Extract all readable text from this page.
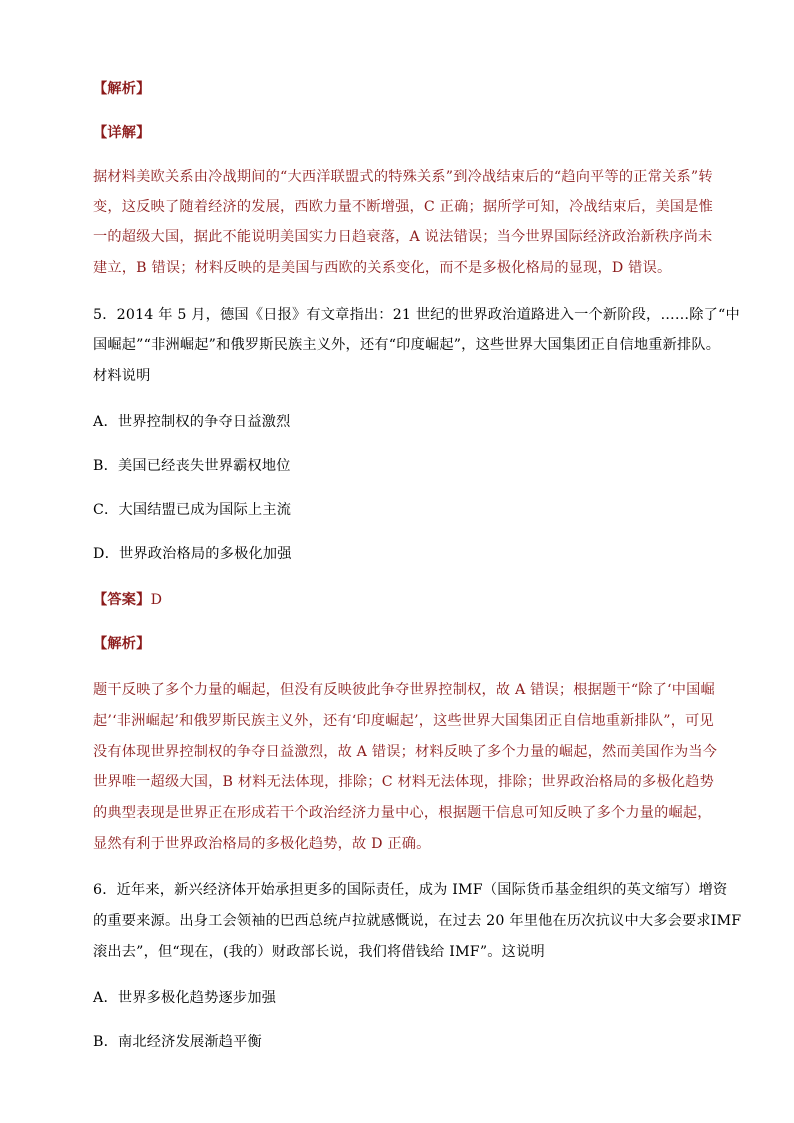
【解析】
【详解】
据材料美欧关系由冷战期间的“大西洋联盟式的特殊关系”到冷战结束后的“趋向平等的正常关系”转
变，这反映了随着经济的发展，西欧力量不断增强，C 正确；据所学可知，冷战结束后，美国是惟
一的超级大国，据此不能说明美国实力日趋衰落，A 说法错误；当今世界国际经济政治新秩序尚未
建立，B 错误；材料反映的是美国与西欧的关系变化，而不是多极化格局的显现，D 错误。
5．2014 年 5 月，德国《日报》有文章指出：21 世纪的世界政治道路进入一个新阶段，……除了“中
国崛起”“非洲崛起”和俄罗斯民族主义外，还有“印度崛起”，这些世界大国集团正自信地重新排队。
材料说明
A．世界控制权的争夺日益激烈
B．美国已经丧失世界霸权地位
C．大国结盟已成为国际上主流
D．世界政治格局的多极化加强
【答案】D
【解析】
题干反映了多个力量的崛起，但没有反映彼此争夺世界控制权，故 A 错误；根据题干“除了‘中国崛
起’‘非洲崛起’和俄罗斯民族主义外，还有‘印度崛起’，这些世界大国集团正自信地重新排队”，可见
没有体现世界控制权的争夺日益激烈，故 A 错误；材料反映了多个力量的崛起，然而美国作为当今
世界唯一超级大国，B 材料无法体现，排除；C 材料无法体现，排除；世界政治格局的多极化趋势
的典型表现是世界正在形成若干个政治经济力量中心，根据题干信息可知反映了多个力量的崛起，
显然有利于世界政治格局的多极化趋势，故 D 正确。
6．近年来，新兴经济体开始承担更多的国际责任，成为 IMF（国际货币基金组织的英文缩写）增资
的重要来源。出身工会领袖的巴西总统卢拉就感慨说，在过去 20 年里他在历次抗议中大多会要求IMF
滚出去”，但“现在，(我的）财政部长说，我们将借钱给 IMF”。这说明
A．世界多极化趋势逐步加强
B．南北经济发展渐趋平衡
